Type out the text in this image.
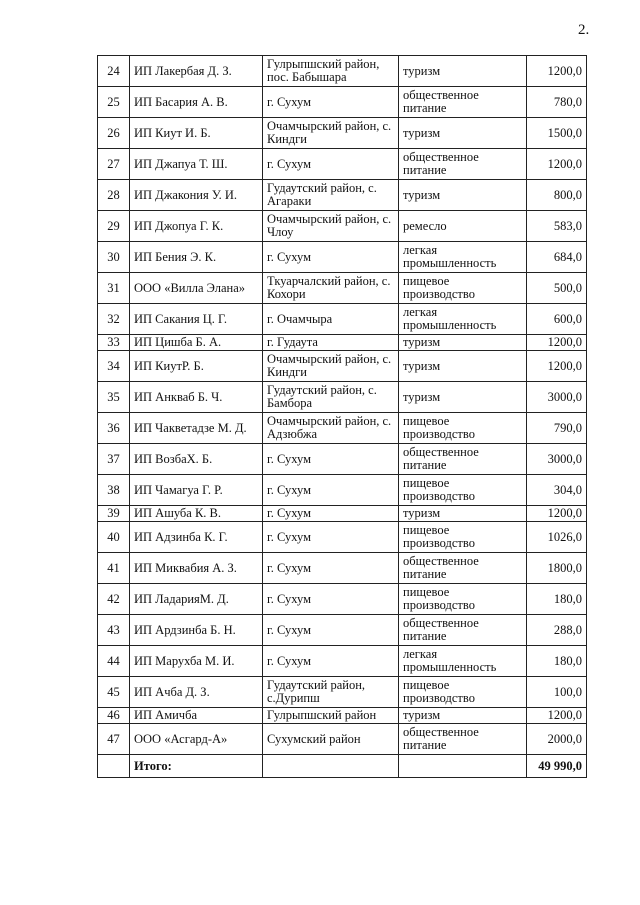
2.
24	ИП Лакербая Д. З.	Гулрыпшский район, пос. Бабышара	туризм	1200,0
25	ИП Басария А. В.	г. Сухум	общественное питание	780,0
26	ИП Киут И. Б.	Очамчырский район, с. Киндги	туризм	1500,0
27	ИП Джапуа Т. Ш.	г. Сухум	общественное питание	1200,0
28	ИП Джакония У. И.	Гудаутский район, с. Агараки	туризм	800,0
29	ИП Джопуа Г. К.	Очамчырский район, с. Члоу	ремесло	583,0
30	ИП Бения Э. К.	г. Сухум	легкая промышленность	684,0
31	ООО «Вилла Элана»	Ткуарчалский район, с. Кохори	пищевое производство	500,0
32	ИП Сакания Ц. Г.	г. Очамчыра	легкая промышленность	600,0
33	ИП Цишба Б. А.	г. Гудаута	туризм	1200,0
34	ИП КиутР. Б.	Очамчырский район, с. Киндги	туризм	1200,0
35	ИП Анкваб Б. Ч.	Гудаутский район, с. Бамбора	туризм	3000,0
36	ИП Чакветадзе М. Д.	Очамчырский район, с. Адзюбжа	пищевое производство	790,0
37	ИП ВозбаХ. Б.	г. Сухум	общественное питание	3000,0
38	ИП Чамагуа Г. Р.	г. Сухум	пищевое производство	304,0
39	ИП Ашуба К. В.	г. Сухум	туризм	1200,0
40	ИП Адзинба К. Г.	г. Сухум	пищевое производство	1026,0
41	ИП Миквабия А. З.	г. Сухум	общественное питание	1800,0
42	ИП ЛадарияМ. Д.	г. Сухум	пищевое производство	180,0
43	ИП Ардзинба Б. Н.	г. Сухум	общественное питание	288,0
44	ИП Марухба М. И.	г. Сухум	легкая промышленность	180,0
45	ИП Ачба Д. З.	Гудаутский район, с.Дурипш	пищевое производство	100,0
46	ИП Амичба	Гулрыпшский район	туризм	1200,0
47	ООО «Асгард-А»	Сухумский район	общественное питание	2000,0
	Итого:			49 990,0
